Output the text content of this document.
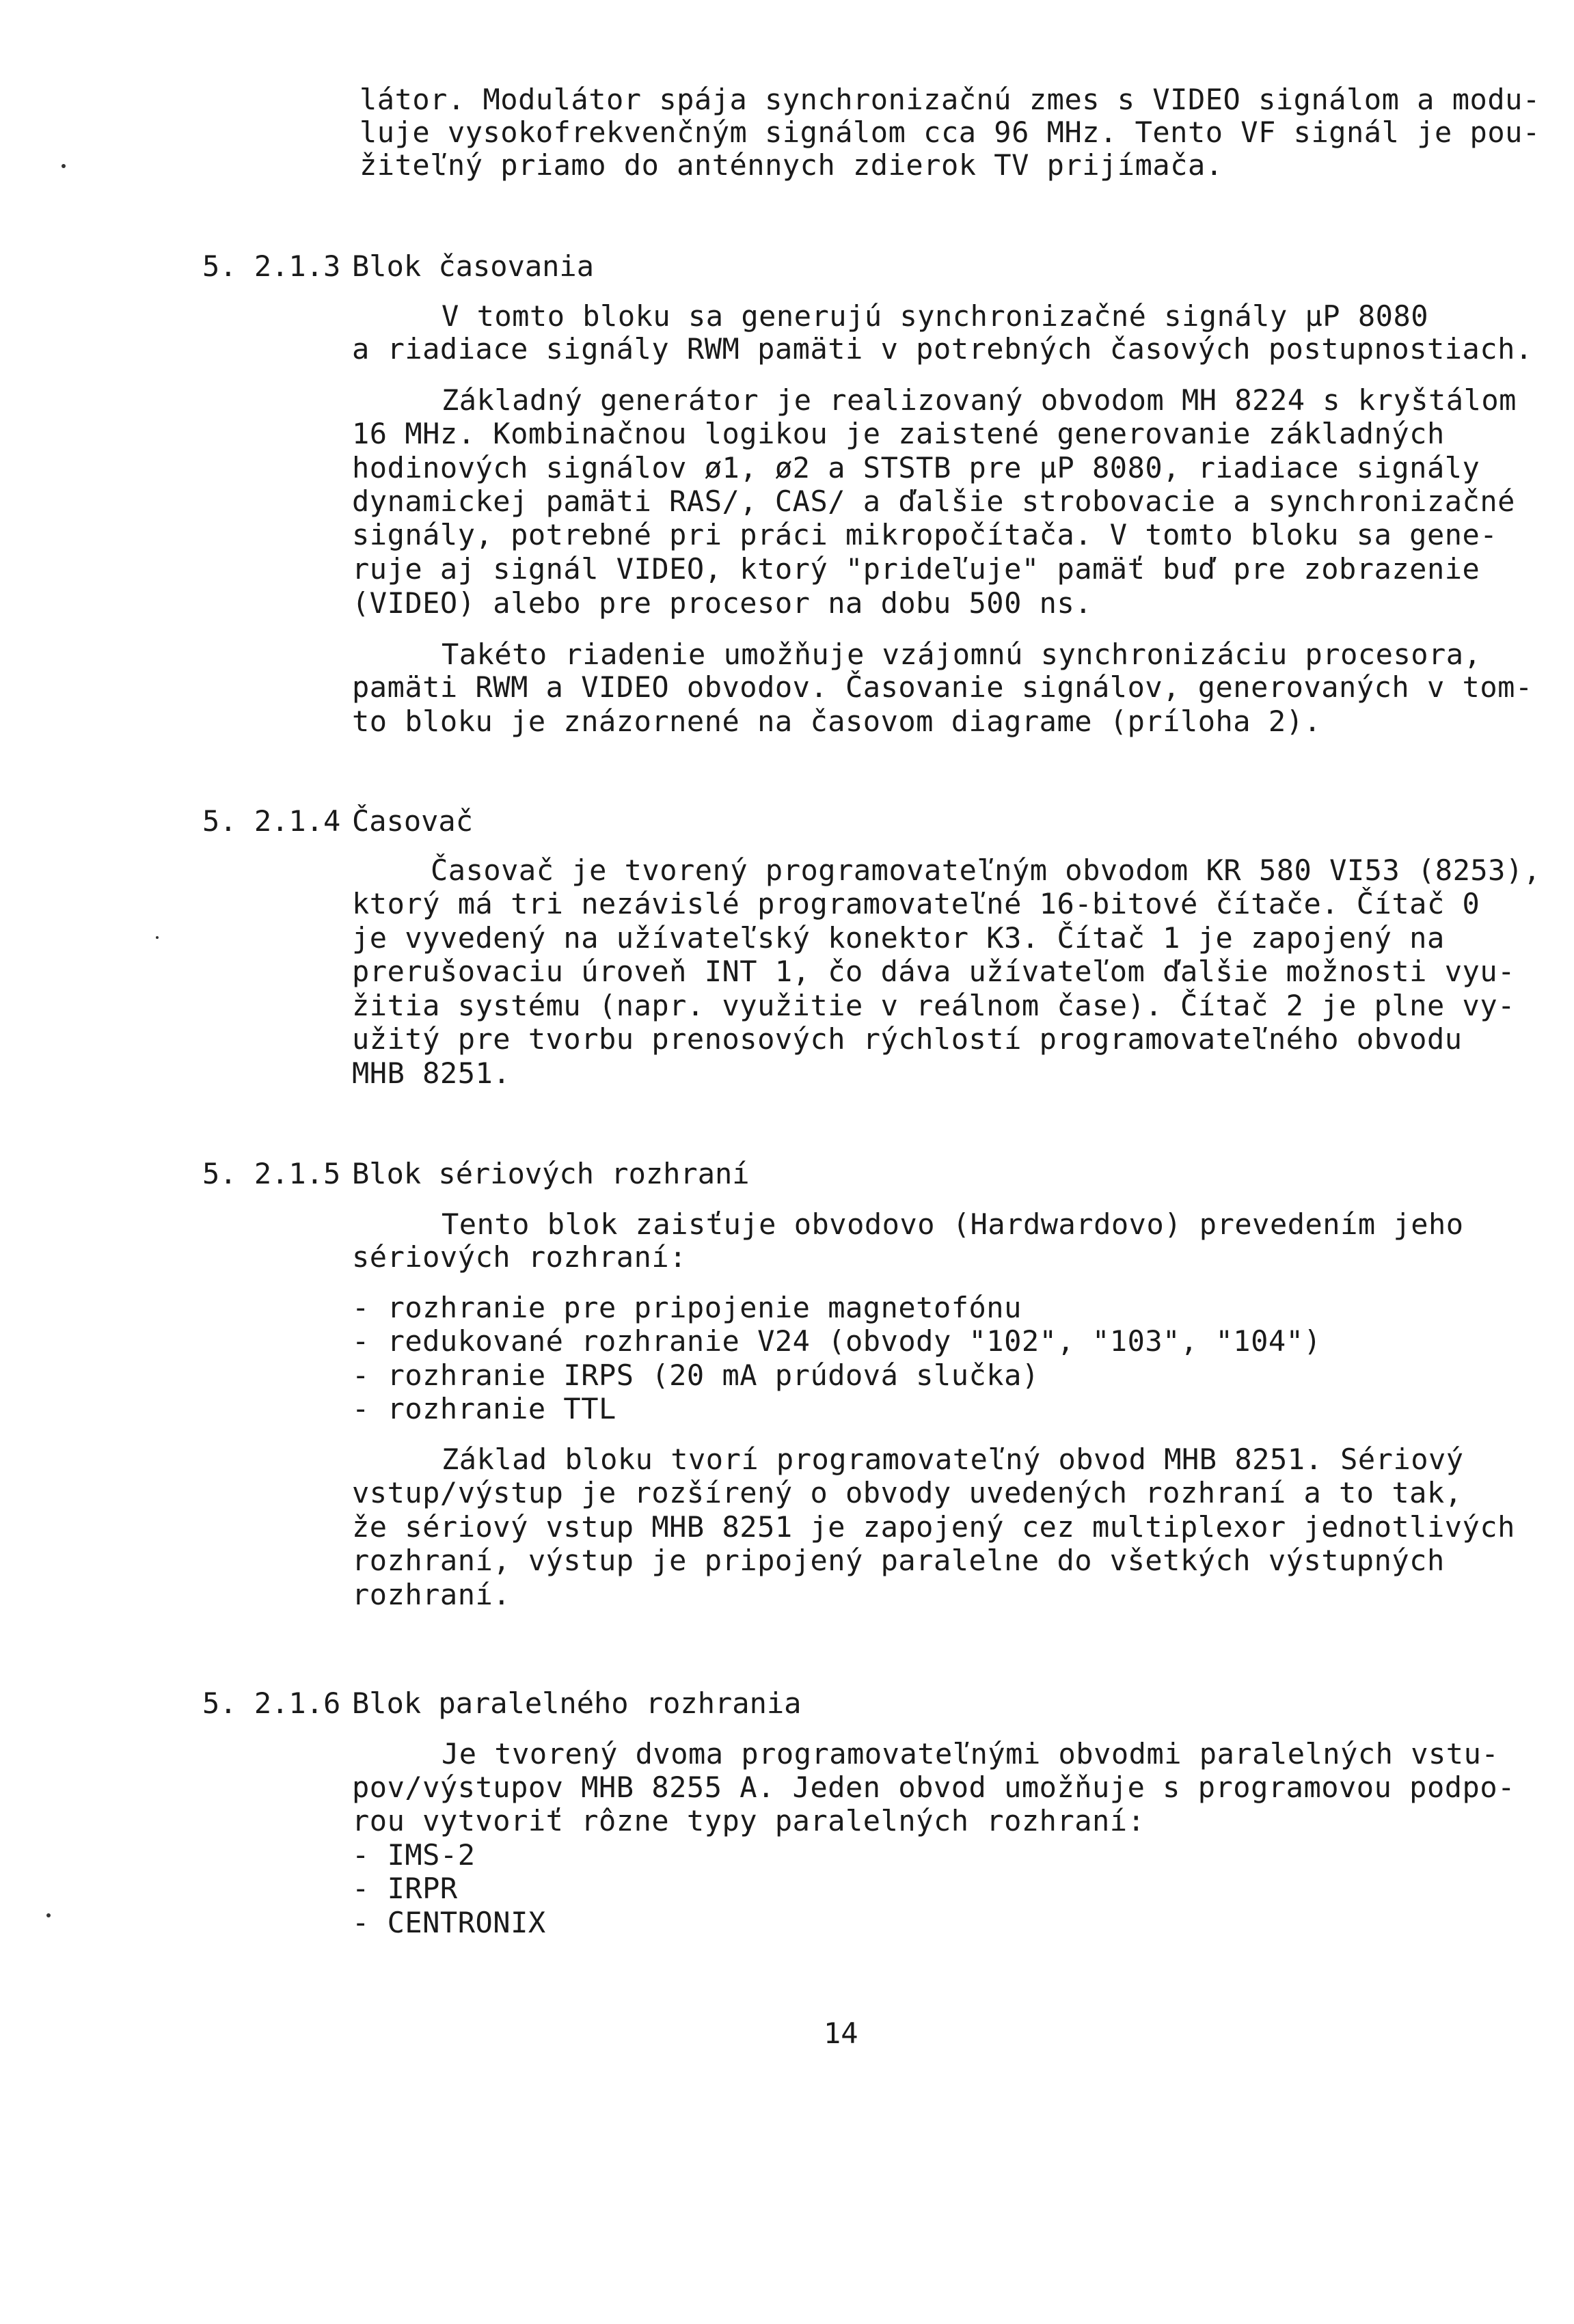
látor. Modulátor spája synchronizačnú zmes s VIDEO signálom a modu-
luje vysokofrekvenčným signálom cca 96 MHz. Tento VF signál je pou-
žiteľný priamo do anténnych zdierok TV prijímača.
5. 2.1.3 Blok časovania
V tomto bloku sa generujú synchronizačné signály µP 8080
a riadiace signály RWM pamäti v potrebných časových postupnostiach.
Základný generátor je realizovaný obvodom MH 8224 s kryštálom
16 MHz. Kombinačnou logikou je zaistené generovanie základných
hodinových signálov ø1, ø2 a STSTB pre µP 8080, riadiace signály
dynamickej pamäti RAS/, CAS/ a ďalšie strobovacie a synchronizačné
signály, potrebné pri práci mikropočítača. V tomto bloku sa gene-
ruje aj signál VIDEO, ktorý "prideľuje" pamäť buď pre zobrazenie
(VIDEO) alebo pre procesor na dobu 500 ns.
Takéto riadenie umožňuje vzájomnú synchronizáciu procesora,
pamäti RWM a VIDEO obvodov. Časovanie signálov, generovaných v tom-
to bloku je znázornené na časovom diagrame (príloha 2).
5. 2.1.4 Časovač
Časovač je tvorený programovateľným obvodom KR 580 VI53 (8253),
ktorý má tri nezávislé programovateľné 16-bitové čítače. Čítač 0
je vyvedený na užívateľský konektor K3. Čítač 1 je zapojený na
prerušovaciu úroveň INT 1, čo dáva užívateľom ďalšie možnosti vyu-
žitia systému (napr. využitie v reálnom čase). Čítač 2 je plne vy-
užitý pre tvorbu prenosových rýchlostí programovateľného obvodu
MHB 8251.
5. 2.1.5 Blok sériových rozhraní
Tento blok zaisťuje obvodovo (Hardwardovo) prevedením jeho
sériových rozhraní:
- rozhranie pre pripojenie magnetofónu
- redukované rozhranie V24 (obvody "102", "103", "104")
- rozhranie IRPS (20 mA prúdová slučka)
- rozhranie TTL
Základ bloku tvorí programovateľný obvod MHB 8251. Sériový
vstup/výstup je rozšírený o obvody uvedených rozhraní a to tak,
že sériový vstup MHB 8251 je zapojený cez multiplexor jednotlivých
rozhraní, výstup je pripojený paralelne do všetkých výstupných
rozhraní.
5. 2.1.6 Blok paralelného rozhrania
Je tvorený dvoma programovateľnými obvodmi paralelných vstu-
pov/výstupov MHB 8255 A. Jeden obvod umožňuje s programovou podpo-
rou vytvoriť rôzne typy paralelných rozhraní:
- IMS-2
- IRPR
- CENTRONIX
14
